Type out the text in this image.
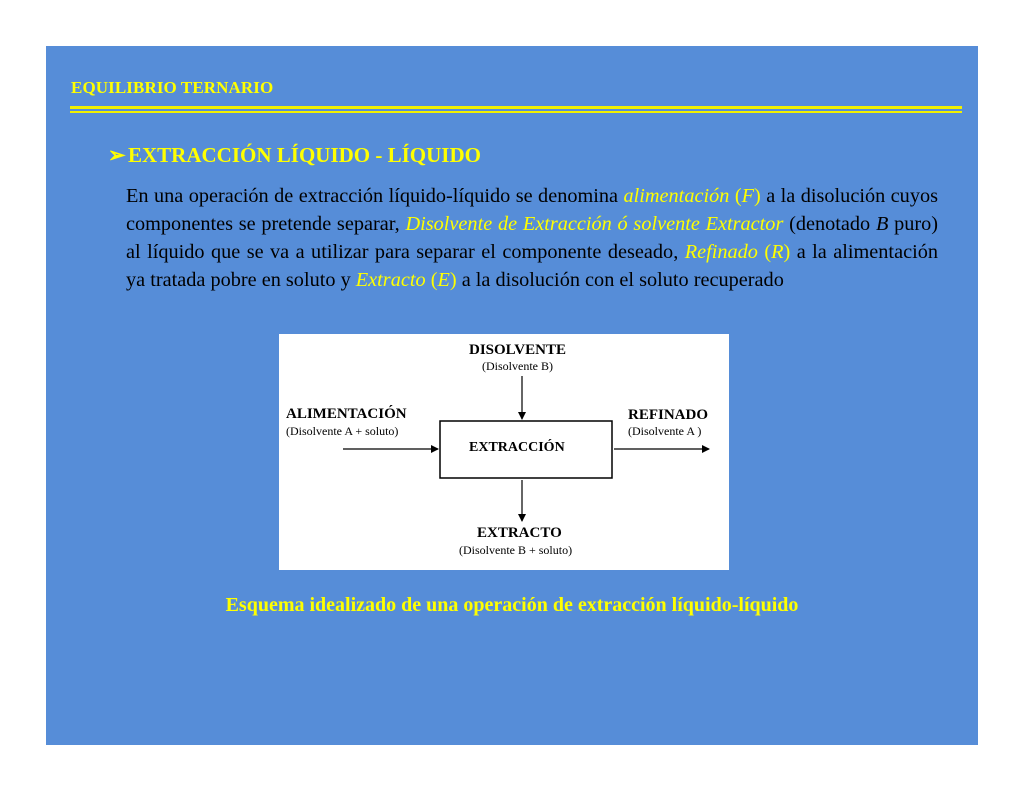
EQUILIBRIO TERNARIO
➢ EXTRACCIÓN LÍQUIDO - LÍQUIDO
En una operación de extracción líquido-líquido se denomina alimentación (F) a la disolución cuyos componentes se pretende separar, Disolvente de Extracción ó solvente Extractor (denotado B puro) al líquido que se va a utilizar para separar el componente deseado, Refinado (R) a la alimentación ya tratada pobre en soluto y Extracto (E) a la disolución con el soluto recuperado
DISOLVENTE
(Disolvente B)
ALIMENTACIÓN
(Disolvente A + soluto)
EXTRACCIÓN
REFINADO
(Disolvente A )
EXTRACTO
(Disolvente B + soluto)
Esquema idealizado de una operación de extracción líquido-líquido
